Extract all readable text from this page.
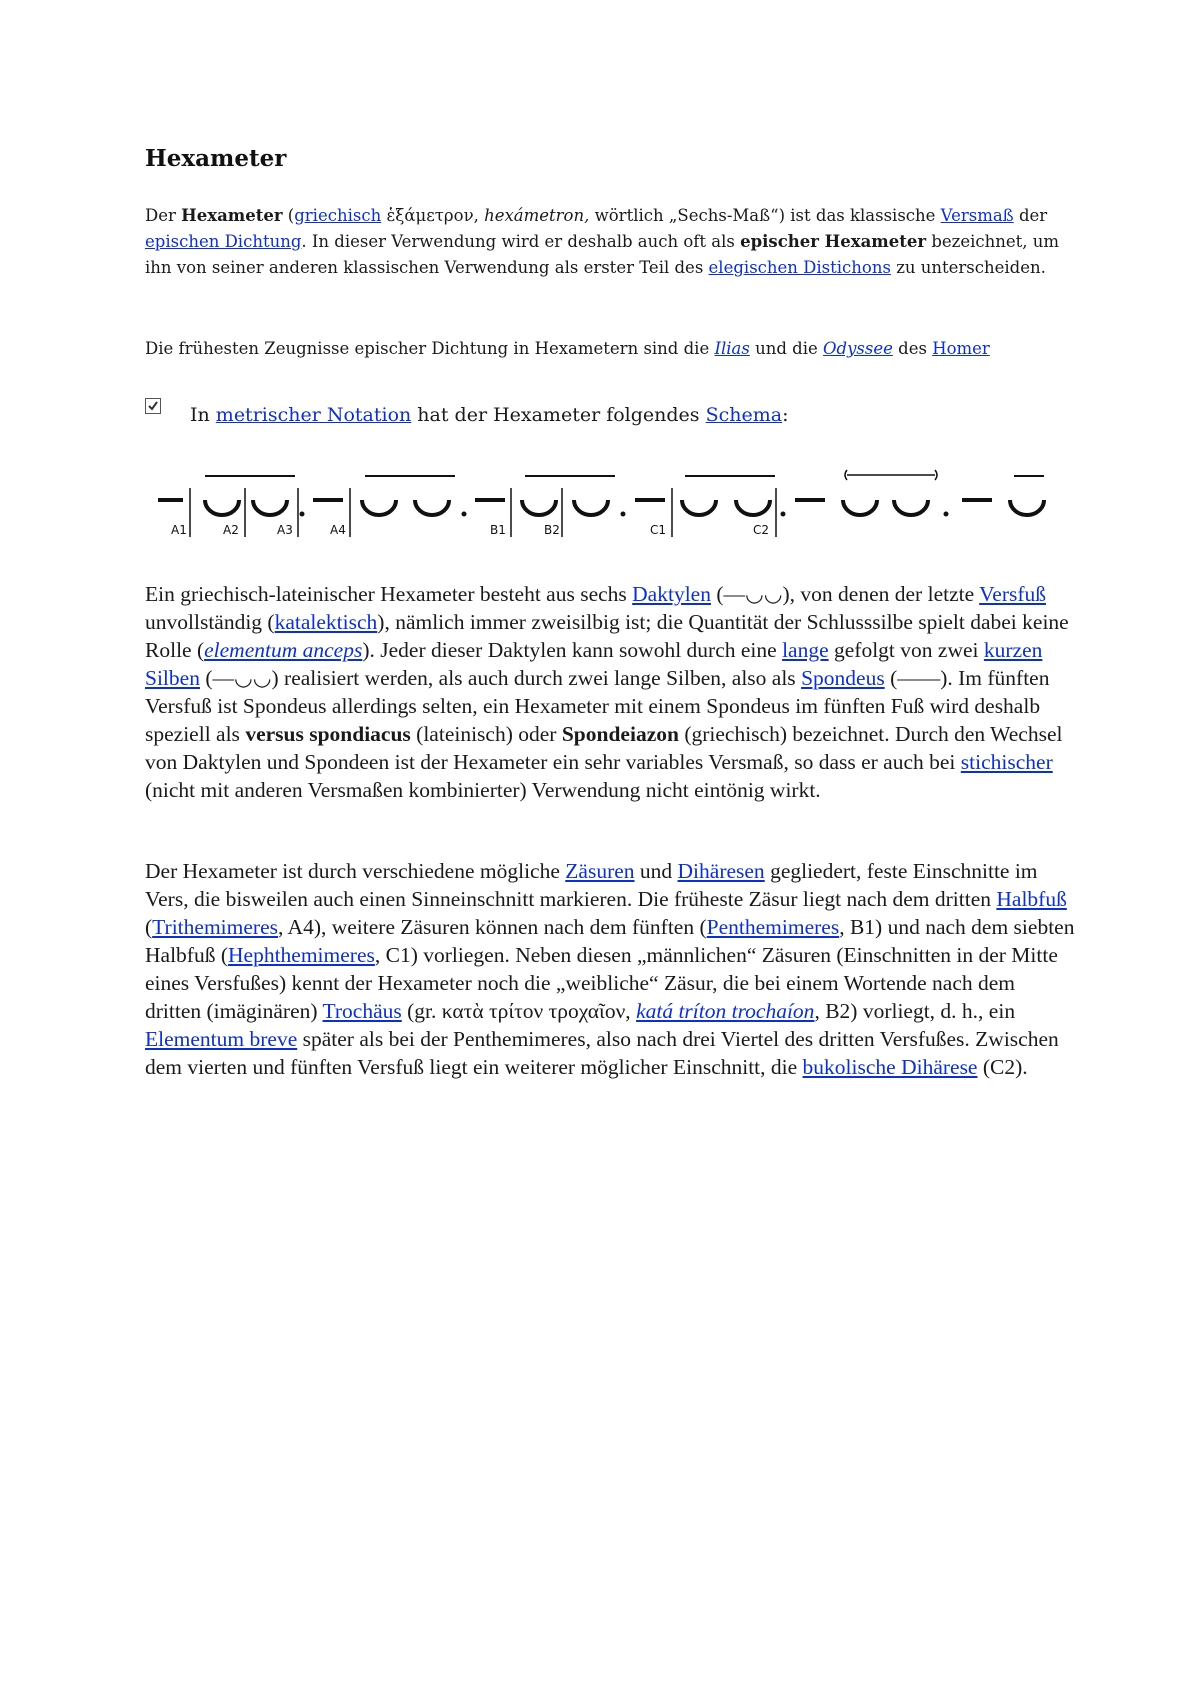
Hexameter
Der Hexameter (griechisch ἑξάμετρον, hexámetron, wörtlich „Sechs-Maß“) ist das klassische Versmaß der epischen Dichtung. In dieser Verwendung wird er deshalb auch oft als epischer Hexameter bezeichnet, um ihn von seiner anderen klassischen Verwendung als erster Teil des elegischen Distichons zu unterscheiden.
Die frühesten Zeugnisse epischer Dichtung in Hexametern sind die Ilias und die Odyssee des Homer
In metrischer Notation hat der Hexameter folgendes Schema:
A1	A2	A3	A4	B1	B2	C1	C2
Ein griechisch-lateinischer Hexameter besteht aus sechs Daktylen (—◡◡), von denen der letzte Versfuß unvollständig (katalektisch), nämlich immer zweisilbig ist; die Quantität der Schlusssilbe spielt dabei keine Rolle (elementum anceps). Jeder dieser Daktylen kann sowohl durch eine lange gefolgt von zwei kurzen Silben (—◡◡) realisiert werden, als auch durch zwei lange Silben, also als Spondeus (——). Im fünften Versfuß ist Spondeus allerdings selten, ein Hexameter mit einem Spondeus im fünften Fuß wird deshalb speziell als versus spondiacus (lateinisch) oder Spondeiazon (griechisch) bezeichnet. Durch den Wechsel von Daktylen und Spondeen ist der Hexameter ein sehr variables Versmaß, so dass er auch bei stichischer (nicht mit anderen Versmaßen kombinierter) Verwendung nicht eintönig wirkt.
Der Hexameter ist durch verschiedene mögliche Zäsuren und Dihäresen gegliedert, feste Einschnitte im Vers, die bisweilen auch einen Sinneinschnitt markieren. Die früheste Zäsur liegt nach dem dritten Halbfuß (Trithemimeres, A4), weitere Zäsuren können nach dem fünften (Penthemimeres, B1) und nach dem siebten Halbfuß (Hephthemimeres, C1) vorliegen. Neben diesen „männlichen“ Zäsuren (Einschnitten in der Mitte eines Versfußes) kennt der Hexameter noch die „weibliche“ Zäsur, die bei einem Wortende nach dem dritten (imäginären) Trochäus (gr. κατὰ τρίτον τροχαῖον, katá tríton trochaíon, B2) vorliegt, d. h., ein Elementum breve später als bei der Penthemimeres, also nach drei Viertel des dritten Versfußes. Zwischen dem vierten und fünften Versfuß liegt ein weiterer möglicher Einschnitt, die bukolische Dihärese (C2).
